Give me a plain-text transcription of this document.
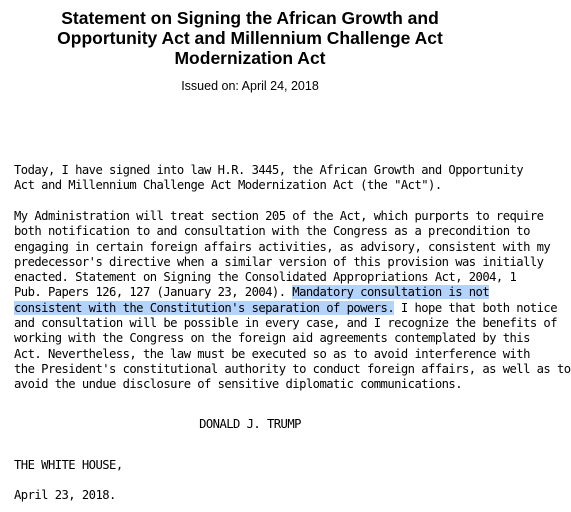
Statement on Signing the African Growth and
Opportunity Act and Millennium Challenge Act
Modernization Act
Issued on: April 24, 2018

Today, I have signed into law H.R. 3445, the African Growth and Opportunity
Act and Millennium Challenge Act Modernization Act (the "Act").

My Administration will treat section 205 of the Act, which purports to require
both notification to and consultation with the Congress as a precondition to
engaging in certain foreign affairs activities, as advisory, consistent with my
predecessor's directive when a similar version of this provision was initially
enacted. Statement on Signing the Consolidated Appropriations Act, 2004, 1
Pub. Papers 126, 127 (January 23, 2004). Mandatory consultation is not
consistent with the Constitution's separation of powers. I hope that both notice
and consultation will be possible in every case, and I recognize the benefits of
working with the Congress on the foreign aid agreements contemplated by this
Act. Nevertheless, the law must be executed so as to avoid interference with
the President's constitutional authority to conduct foreign affairs, as well as to
avoid the undue disclosure of sensitive diplomatic communications.

DONALD J. TRUMP
THE WHITE HOUSE,
April 23, 2018.
